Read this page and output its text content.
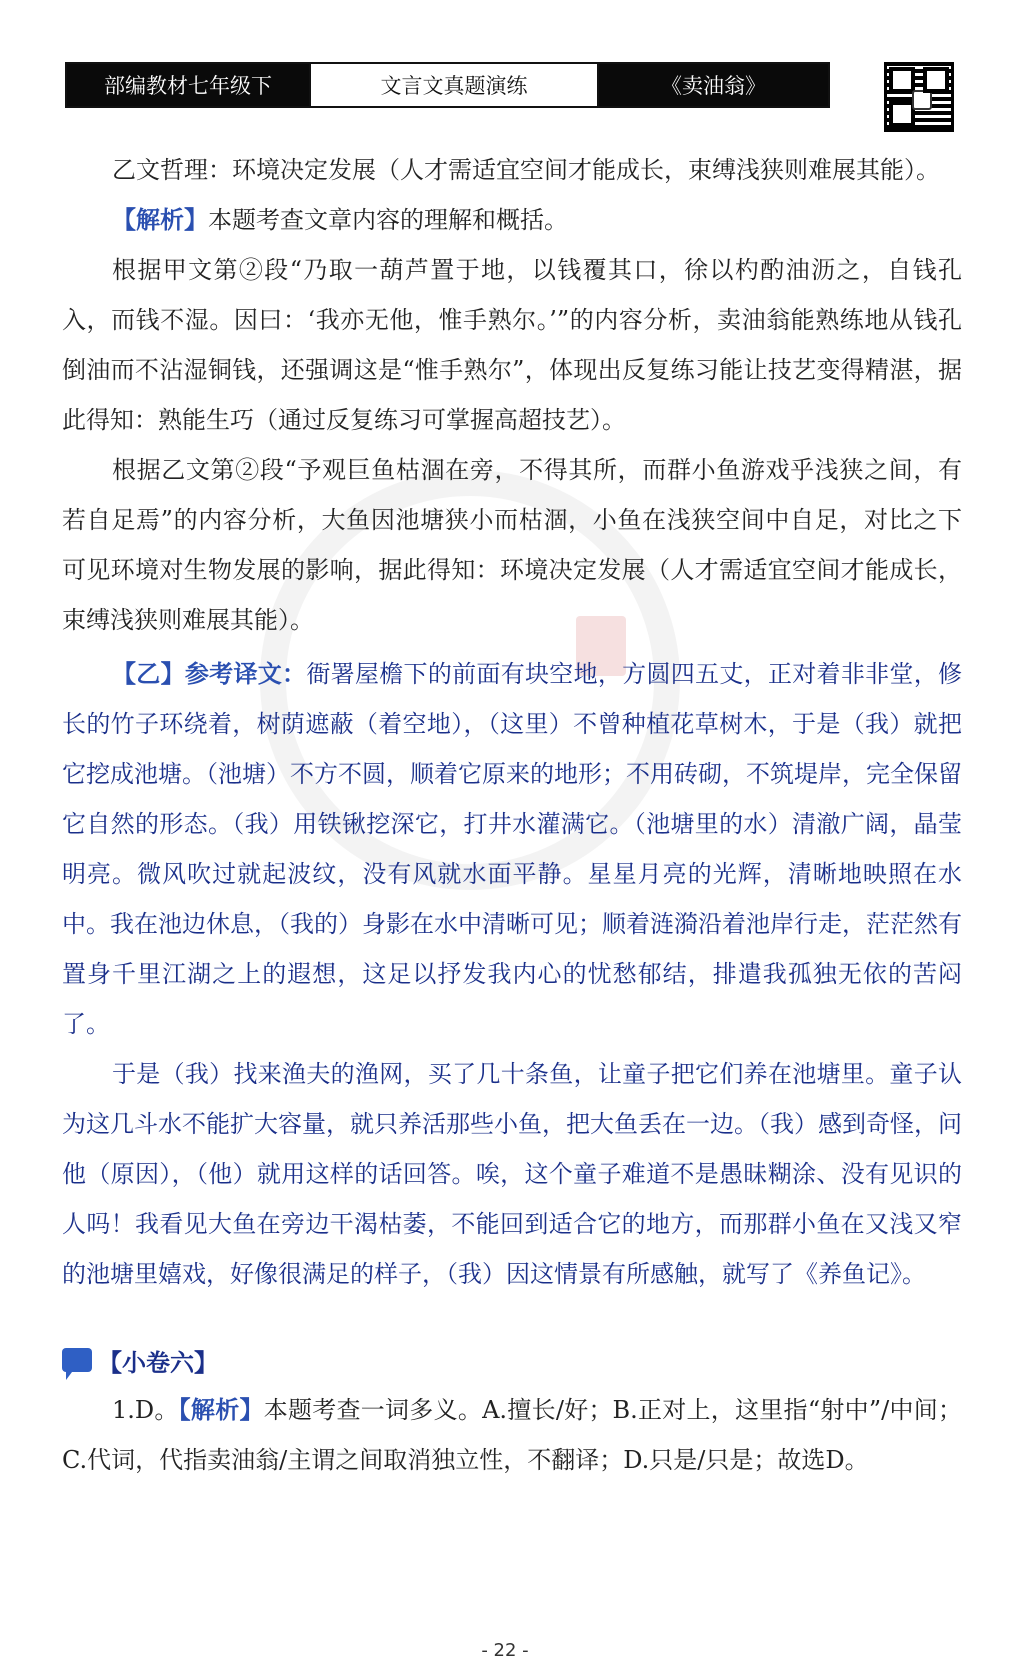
部编教材七年级下	文言文真题演练	《卖油翁》

乙文哲理：环境决定发展（人才需适宜空间才能成长，束缚浅狭则难展其能）。

【解析】本题考查文章内容的理解和概括。

根据甲文第②段“乃取一葫芦置于地，以钱覆其口，徐以杓酌油沥之，自钱孔入，而钱不湿。因曰：‘我亦无他，惟手熟尔。’”的内容分析，卖油翁能熟练地从钱孔倒油而不沾湿铜钱，还强调这是“惟手熟尔”，体现出反复练习能让技艺变得精湛，据此得知：熟能生巧（通过反复练习可掌握高超技艺）。

根据乙文第②段“予观巨鱼枯涸在旁，不得其所，而群小鱼游戏乎浅狭之间，有若自足焉”的内容分析，大鱼因池塘狭小而枯涸，小鱼在浅狭空间中自足，对比之下可见环境对生物发展的影响，据此得知：环境决定发展（人才需适宜空间才能成长，束缚浅狭则难展其能）。

【乙】参考译文：衙署屋檐下的前面有块空地，方圆四五丈，正对着非非堂，修长的竹子环绕着，树荫遮蔽（着空地），（这里）不曾种植花草树木，于是（我）就把它挖成池塘。（池塘）不方不圆，顺着它原来的地形；不用砖砌，不筑堤岸，完全保留它自然的形态。（我）用铁锹挖深它，打井水灌满它。（池塘里的水）清澈广阔，晶莹明亮。微风吹过就起波纹，没有风就水面平静。星星月亮的光辉，清晰地映照在水中。我在池边休息，（我的）身影在水中清晰可见；顺着涟漪沿着池岸行走，茫茫然有置身千里江湖之上的遐想，这足以抒发我内心的忧愁郁结，排遣我孤独无依的苦闷了。

于是（我）找来渔夫的渔网，买了几十条鱼，让童子把它们养在池塘里。童子认为这几斗水不能扩大容量，就只养活那些小鱼，把大鱼丢在一边。（我）感到奇怪，问他（原因），（他）就用这样的话回答。唉，这个童子难道不是愚昧糊涂、没有见识的人吗！我看见大鱼在旁边干渴枯萎，不能回到适合它的地方，而那群小鱼在又浅又窄的池塘里嬉戏，好像很满足的样子，（我）因这情景有所感触，就写了《养鱼记》。

【小卷六】

1.D。【解析】本题考查一词多义。A.擅长/好；B.正对上，这里指“射中”/中间；C.代词，代指卖油翁/主谓之间取消独立性，不翻译；D.只是/只是；故选D。

- 22 -
